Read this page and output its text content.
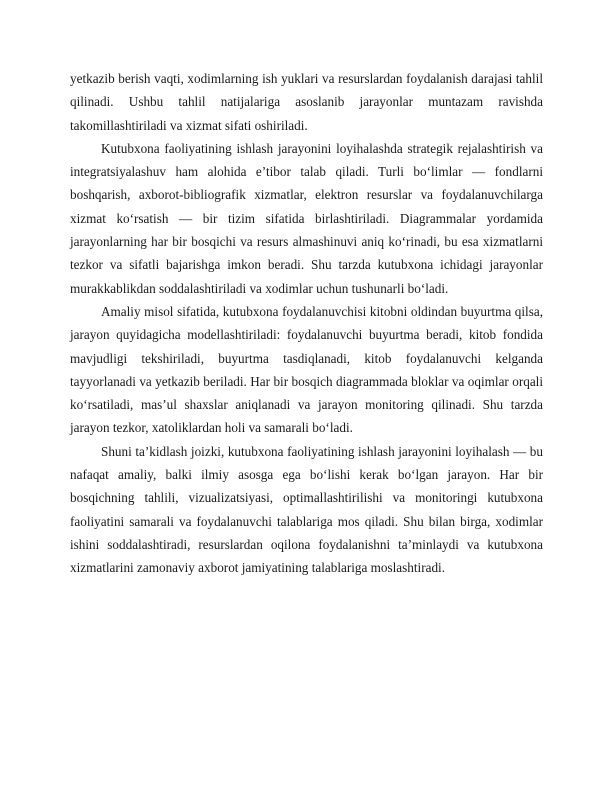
yetkazib berish vaqti, xodimlarning ish yuklari va resurslardan foydalanish darajasi tahlil qilinadi. Ushbu tahlil natijalariga asoslanib jarayonlar muntazam ravishda takomillashtiriladi va xizmat sifati oshiriladi.

Kutubxona faoliyatining ishlash jarayonini loyihalashda strategik rejalashtirish va integratsiyalashuv ham alohida e’tibor talab qiladi. Turli bo‘limlar — fondlarni boshqarish, axborot-bibliografik xizmatlar, elektron resurslar va foydalanuvchilarga xizmat ko‘rsatish — bir tizim sifatida birlashtiriladi. Diagrammalar yordamida jarayonlarning har bir bosqichi va resurs almashinuvi aniq ko‘rinadi, bu esa xizmatlarni tezkor va sifatli bajarishga imkon beradi. Shu tarzda kutubxona ichidagi jarayonlar murakkablikdan soddalashtiriladi va xodimlar uchun tushunarli bo‘ladi.

Amaliy misol sifatida, kutubxona foydalanuvchisi kitobni oldindan buyurtma qilsa, jarayon quyidagicha modellashtiriladi: foydalanuvchi buyurtma beradi, kitob fondida mavjudligi tekshiriladi, buyurtma tasdiqlanadi, kitob foydalanuvchi kelganda tayyorlanadi va yetkazib beriladi. Har bir bosqich diagrammada bloklar va oqimlar orqali ko‘rsatiladi, mas’ul shaxslar aniqlanadi va jarayon monitoring qilinadi. Shu tarzda jarayon tezkor, xatoliklardan holi va samarali bo‘ladi.

Shuni ta’kidlash joizki, kutubxona faoliyatining ishlash jarayonini loyihalash — bu nafaqat amaliy, balki ilmiy asosga ega bo‘lishi kerak bo‘lgan jarayon. Har bir bosqichning tahlili, vizualizatsiyasi, optimallashtirilishi va monitoringi kutubxona faoliyatini samarali va foydalanuvchi talablariga mos qiladi. Shu bilan birga, xodimlar ishini soddalashtiradi, resurslardan oqilona foydalanishni ta’minlaydi va kutubxona xizmatlarini zamonaviy axborot jamiyatining talablariga moslashtiradi.
